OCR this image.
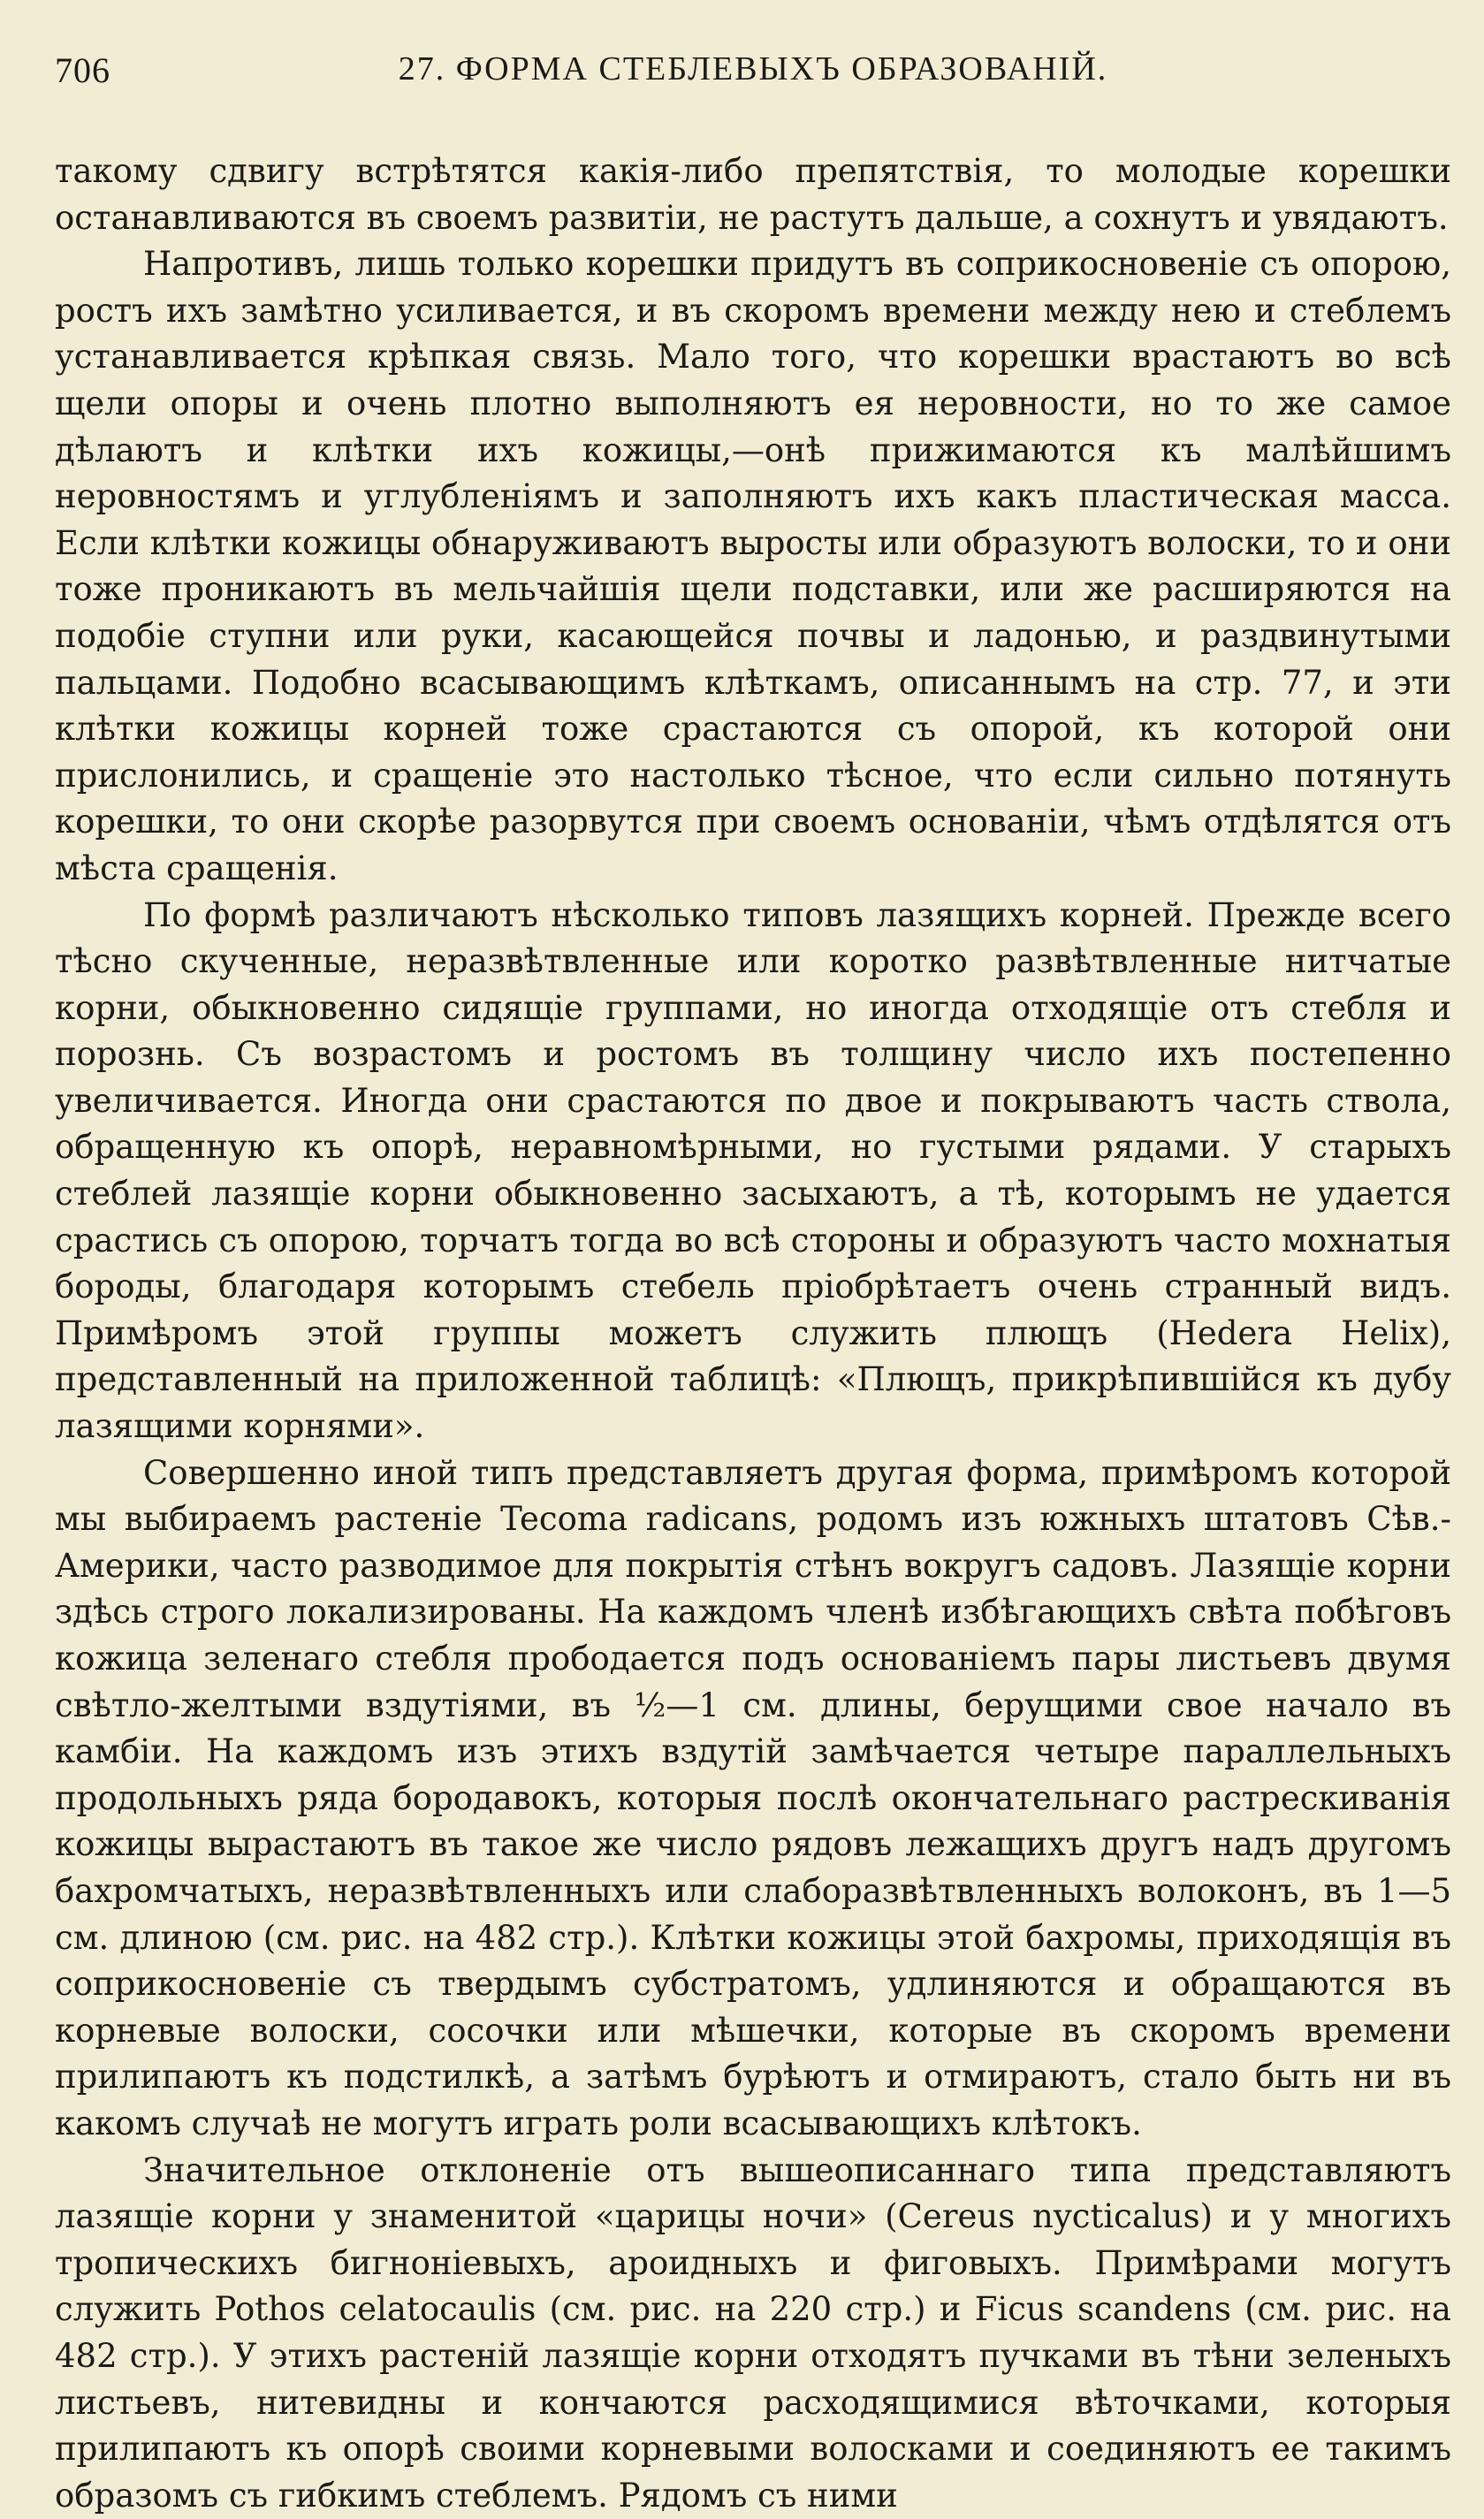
706	27. ФОРМА СТЕБЛЕВЫХЪ ОБРАЗОВАНІЙ.

такому сдвигу встрѣтятся какія-либо препятствія, то молодые корешки останавливаются въ своемъ развитіи, не растутъ дальше, а сохнутъ и увядаютъ.

Напротивъ, лишь только корешки придутъ въ соприкосновеніе съ опорою, ростъ ихъ замѣтно усиливается, и въ скоромъ времени между нею и стеблемъ устанавливается крѣпкая связь. Мало того, что корешки врастаютъ во всѣ щели опоры и очень плотно выполняютъ ея неровности, но то же самое дѣлаютъ и клѣтки ихъ кожицы,—онѣ прижимаются къ малѣйшимъ неровностямъ и углубленіямъ и заполняютъ ихъ какъ пластическая масса. Если клѣтки кожицы обнаруживаютъ выросты или образуютъ волоски, то и они тоже проникаютъ въ мельчайшія щели подставки, или же расширяются на подобіе ступни или руки, касающейся почвы и ладонью, и раздвинутыми пальцами. Подобно всасывающимъ клѣткамъ, описаннымъ на стр. 77, и эти клѣтки кожицы корней тоже срастаются съ опорой, къ которой они прислонились, и сращеніе это настолько тѣсное, что если сильно потянуть корешки, то они скорѣе разорвутся при своемъ основаніи, чѣмъ отдѣлятся отъ мѣста сращенія.

По формѣ различаютъ нѣсколько типовъ лазящихъ корней. Прежде всего тѣсно скученные, неразвѣтвленные или коротко развѣтвленные нитчатые корни, обыкновенно сидящіе группами, но иногда отходящіе отъ стебля и порознь. Съ возрастомъ и ростомъ въ толщину число ихъ постепенно увеличивается. Иногда они срастаются по двое и покрываютъ часть ствола, обращенную къ опорѣ, неравномѣрными, но густыми рядами. У старыхъ стеблей лазящіе корни обыкновенно засыхаютъ, а тѣ, которымъ не удается срастись съ опорою, торчатъ тогда во всѣ стороны и образуютъ часто мохнатыя бороды, благодаря которымъ стебель пріобрѣтаетъ очень странный видъ. Примѣромъ этой группы можетъ служить плющъ (Hedera Helix), представленный на приложенной таблицѣ: «Плющъ, прикрѣпившійся къ дубу лазящими корнями».

Совершенно иной типъ представляетъ другая форма, примѣромъ которой мы выбираемъ растеніе Tecoma radicans, родомъ изъ южныхъ штатовъ Сѣв.-Америки, часто разводимое для покрытія стѣнъ вокругъ садовъ. Лазящіе корни здѣсь строго локализированы. На каждомъ членѣ избѣгающихъ свѣта побѣговъ кожица зеленаго стебля прободается подъ основаніемъ пары листьевъ двумя свѣтло-желтыми вздутіями, въ ½—1 см. длины, берущими свое начало въ камбіи. На каждомъ изъ этихъ вздутій замѣчается четыре параллельныхъ продольныхъ ряда бородавокъ, которыя послѣ окончательнаго растрескиванія кожицы вырастаютъ въ такое же число рядовъ лежащихъ другъ надъ другомъ бахромчатыхъ, неразвѣтвленныхъ или слаборазвѣтвленныхъ волоконъ, въ 1—5 см. длиною (см. рис. на 482 стр.). Клѣтки кожицы этой бахромы, приходящія въ соприкосновеніе съ твердымъ субстратомъ, удлиняются и обращаются въ корневые волоски, сосочки или мѣшечки, которые въ скоромъ времени прилипаютъ къ подстилкѣ, а затѣмъ бурѣютъ и отмираютъ, стало быть ни въ какомъ случаѣ не могутъ играть роли всасывающихъ клѣтокъ.

Значительное отклоненіе отъ вышеописаннаго типа представляютъ лазящіе корни у знаменитой «царицы ночи» (Cereus nycticalus) и у многихъ тропическихъ бигноніевыхъ, ароидныхъ и фиговыхъ. Примѣрами могутъ служить Pothos celatocaulis (см. рис. на 220 стр.) и Ficus scandens (см. рис. на 482 стр.). У этихъ растеній лазящіе корни отходятъ пучками въ тѣни зеленыхъ листьевъ, нитевидны и кончаются расходящимися вѣточками, которыя прилипаютъ къ опорѣ своими корневыми волосками и соединяютъ ее такимъ образомъ съ гибкимъ стеблемъ. Рядомъ съ ними
